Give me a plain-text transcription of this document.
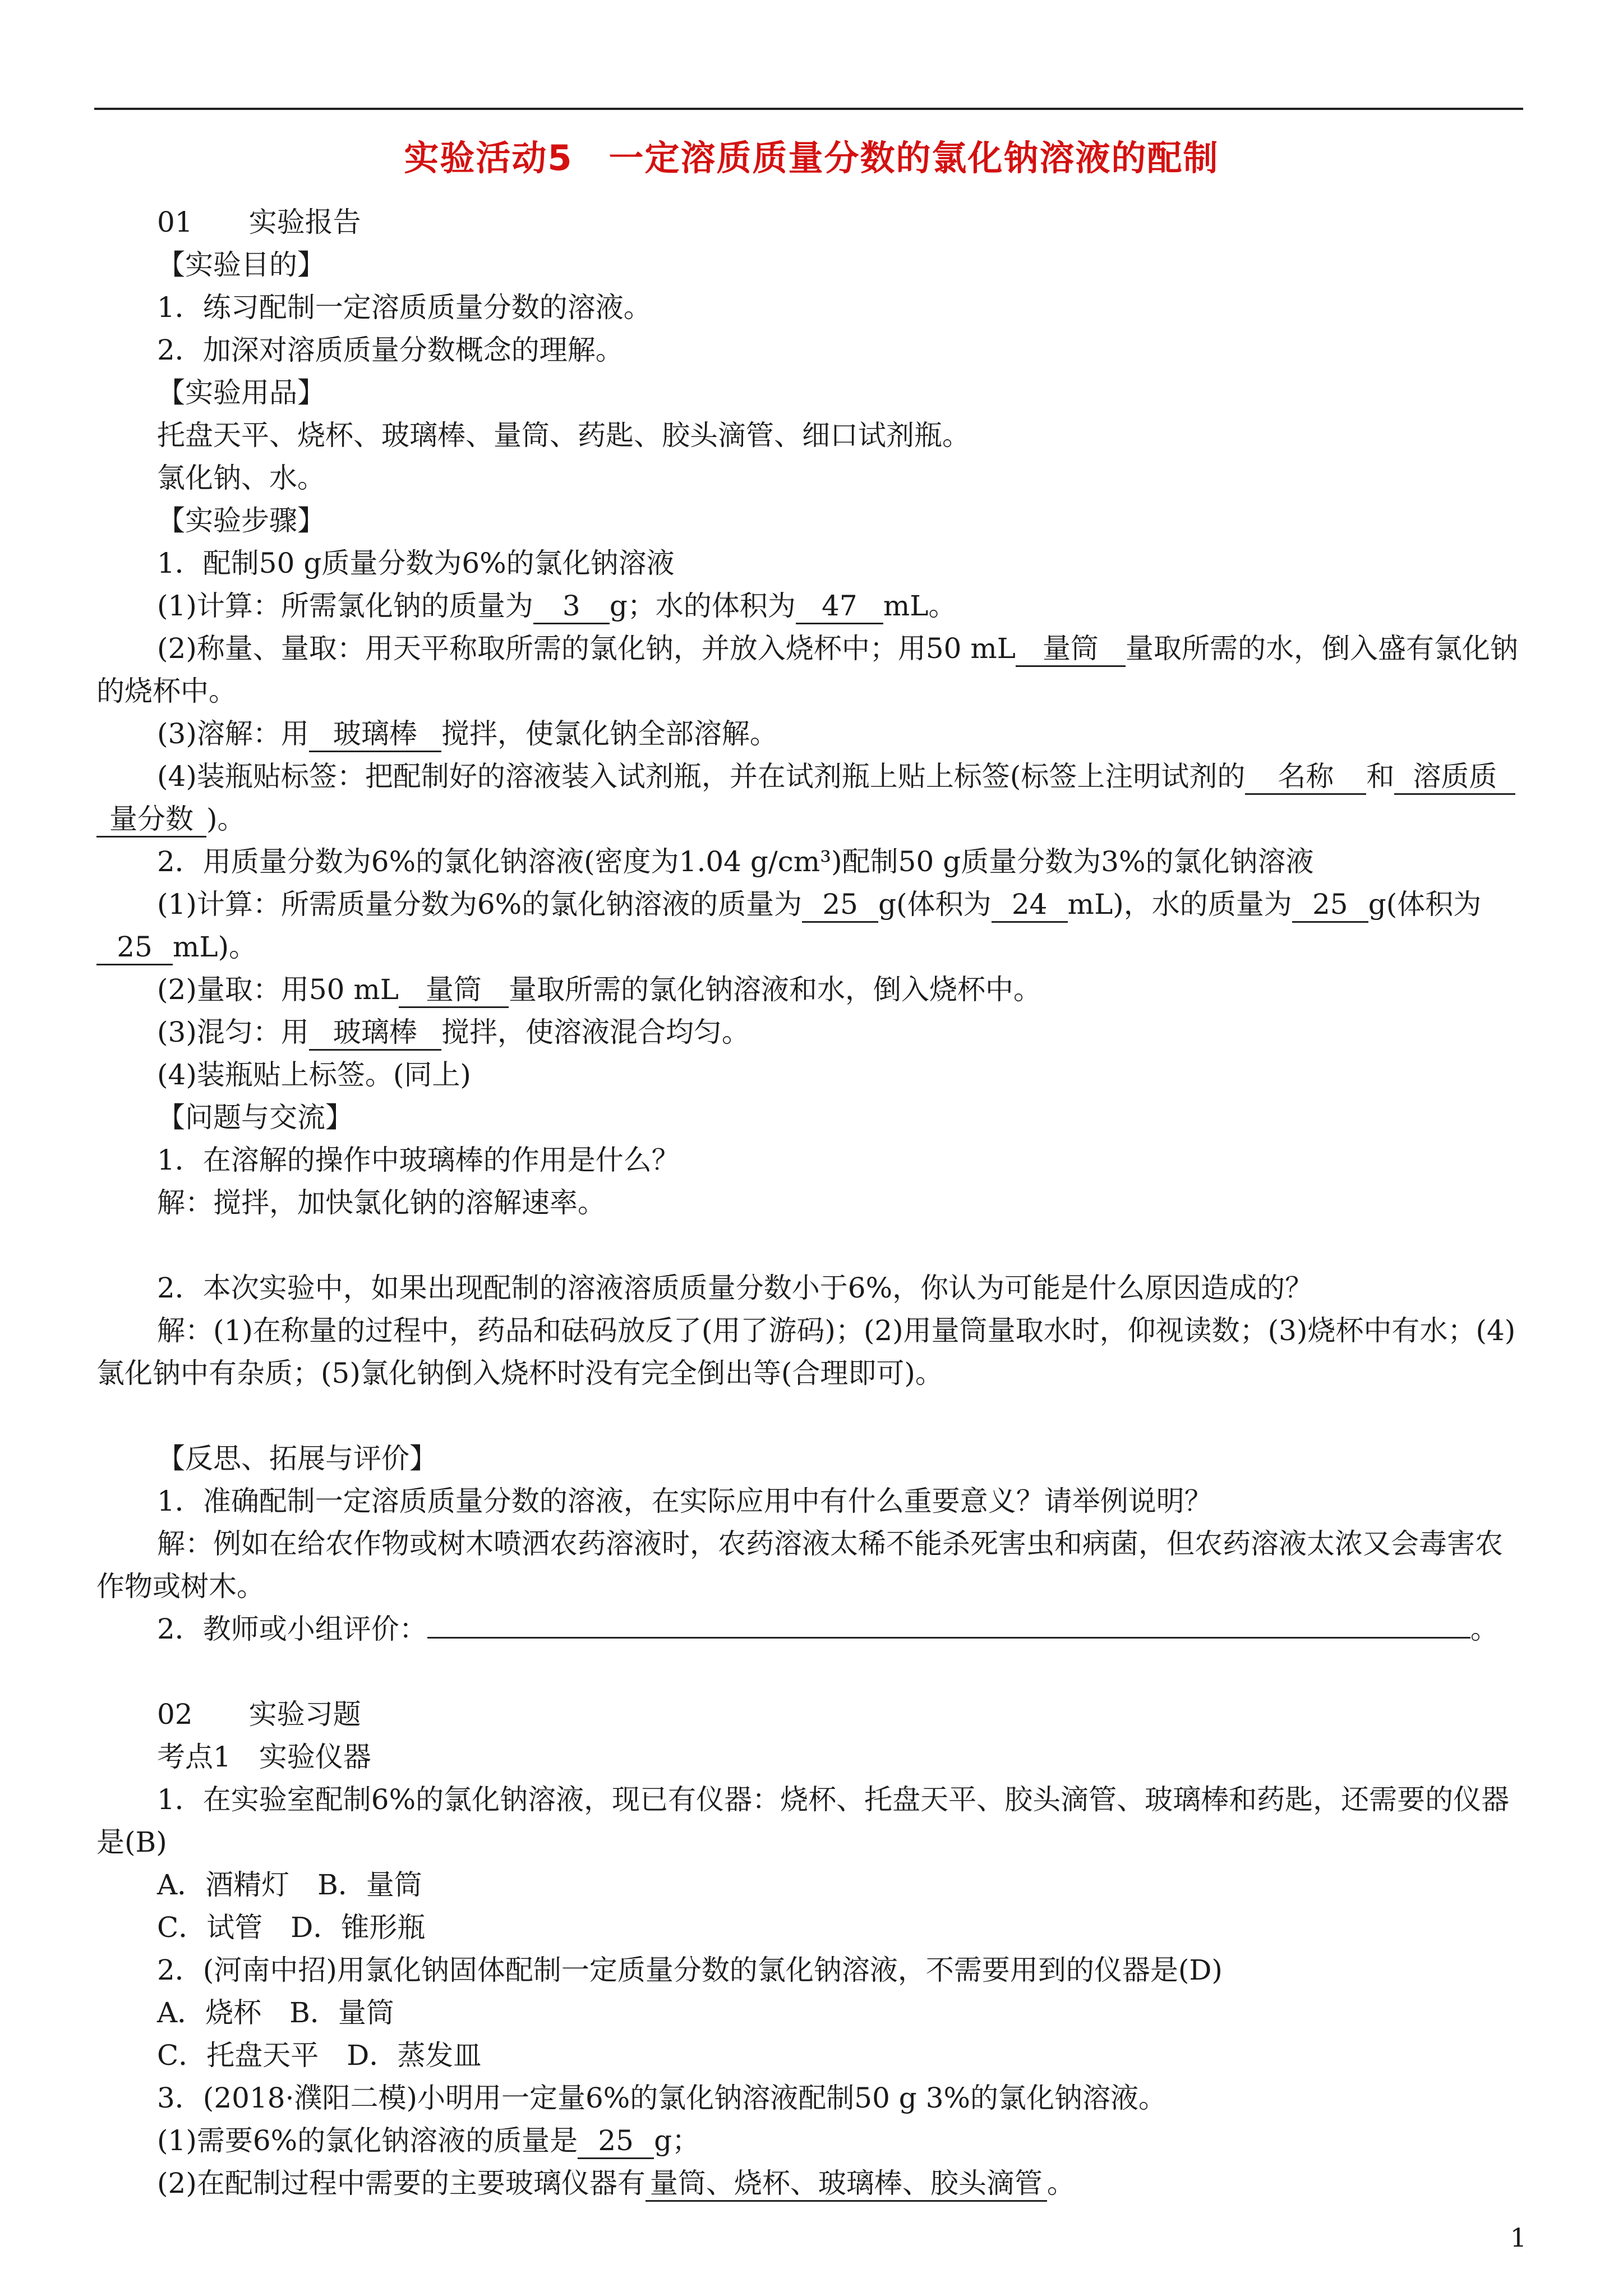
实验活动5　一定溶质质量分数的氯化钠溶液的配制
01　　实验报告
【实验目的】
1．练习配制一定溶质质量分数的溶液。
2．加深对溶质质量分数概念的理解。
【实验用品】
托盘天平、烧杯、玻璃棒、量筒、药匙、胶头滴管、细口试剂瓶。
氯化钠、水。
【实验步骤】
1．配制50 g质量分数为6%的氯化钠溶液
(1)计算：所需氯化钠的质量为 3 g；水的体积为 47 mL。
(2)称量、量取：用天平称取所需的氯化钠，并放入烧杯中；用50 mL 量筒 量取所需的水，倒入盛有氯化钠
的烧杯中。
(3)溶解：用 玻璃棒 搅拌，使氯化钠全部溶解。
(4)装瓶贴标签：把配制好的溶液装入试剂瓶，并在试剂瓶上贴上标签(标签上注明试剂的 名称 和 溶质质
量分数 )。
2．用质量分数为6%的氯化钠溶液(密度为1.04 g/cm³)配制50 g质量分数为3%的氯化钠溶液
(1)计算：所需质量分数为6%的氯化钠溶液的质量为 25 g(体积为 24 mL)，水的质量为 25 g(体积为
25 mL)。
(2)量取：用50 mL 量筒 量取所需的氯化钠溶液和水，倒入烧杯中。
(3)混匀：用 玻璃棒 搅拌，使溶液混合均匀。
(4)装瓶贴上标签。(同上)
【问题与交流】
1．在溶解的操作中玻璃棒的作用是什么？
解：搅拌，加快氯化钠的溶解速率。
2．本次实验中，如果出现配制的溶液溶质质量分数小于6%，你认为可能是什么原因造成的？
解：(1)在称量的过程中，药品和砝码放反了(用了游码)；(2)用量筒量取水时，仰视读数；(3)烧杯中有水；(4)
氯化钠中有杂质；(5)氯化钠倒入烧杯时没有完全倒出等(合理即可)。
【反思、拓展与评价】
1．准确配制一定溶质质量分数的溶液，在实际应用中有什么重要意义？请举例说明？
解：例如在给农作物或树木喷洒农药溶液时，农药溶液太稀不能杀死害虫和病菌，但农药溶液太浓又会毒害农
作物或树木。
2．教师或小组评价：	。
02　　实验习题
考点1　实验仪器
1．在实验室配制6%的氯化钠溶液，现已有仪器：烧杯、托盘天平、胶头滴管、玻璃棒和药匙，还需要的仪器
是(B)
A．酒精灯　B．量筒
C．试管　D．锥形瓶
2．(河南中招)用氯化钠固体配制一定质量分数的氯化钠溶液，不需要用到的仪器是(D)
A．烧杯　B．量筒
C．托盘天平　D．蒸发皿
3．(2018·濮阳二模)小明用一定量6%的氯化钠溶液配制50 g 3%的氯化钠溶液。
(1)需要6%的氯化钠溶液的质量是 25 g；
(2)在配制过程中需要的主要玻璃仪器有 量筒、烧杯、玻璃棒、胶头滴管 。
1
